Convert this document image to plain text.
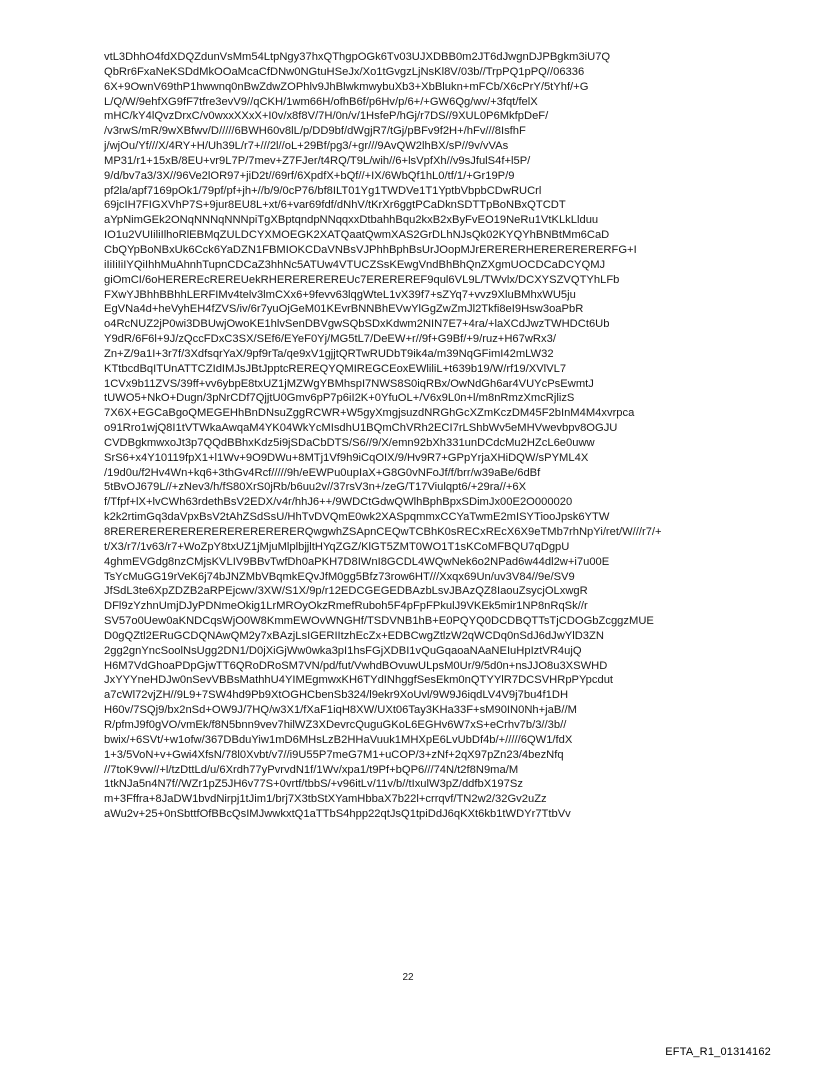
vtL3DhhO4fdXDQZdunVsMm54LtpNgy37hxQThgpOGk6Tv03UJXDBB0m2JT6dJwgnDJPBgkm3iU7Q
QbRr6FxaNeKSDdMkOOaMcaCfDNw0NGtuHSeJx/Xo1tGvgzLjNsKl8V/03b//TrpPQ1pPQ//06336
6X+9OwnV69thP1hwwnq0nBwZdwZOPhlv9JhBlwkmwybuXb3+XbBlukn+mFCb/X6cPrY/5tYhf/+G
L/Q/W/9ehfXG9fF7tfre3evV9//qCKH/1wm66H/ofhB6f/p6Hv/p/6+/+GW6Qg/wv/+3fqt/felX
mHC/kY4lQvzDrxC/v0wxxXXxX+I0v/x8f8V/7H/0n/v/1HsfeP/hGj/r7DS//9XUL0P6MkfpDeF/
/v3rwS/mR/9wXBfwv/D/////6BWH60v8lL/p/DD9bf/dWgjR7/tGj/pBFv9f2H+/hFv///8IsfhF
j/wjOu/Yf///X/4RY+H/Uh39L/r7+///2l//oL+29Bf/pg3/+gr///9AvQW2lhBX/sP//9v/vVAs
MP31/r1+15xB/8EU+vr9L7P/7mev+Z7FJer/t4RQ/T9L/wih//6+lsVpfXh//v9sJfulS4f+l5P/
9/d/bv7a3/3X//96Ve2lOR97+jiD2t//69rf/6XpdfX+bQf//+IX/6WbQf1hL0/tf/1/+Gr19P/9
pf2la/apf7169pOk1/79pf/pf+jh+//b/9/0cP76/bf8ILT01Yg1TWDVe1T1YptbVbpbCDwRUCrl
69jcIH7FIGXVhP7S+9jur8EU8L+xt/6+var69fdf/dNhV/tKrXr6ggtPCaDknSDTTpBoNBxQTCDT
aYpNimGEk2ONqNNNqNNNpiTgXBptqndpNNqqxxDtbahhBqu2kxB2xByFvEO19NeRu1VtKLkLlduu
IO1u2VUIiliIlhoRlEBMqZULDCYXMOEGK2XATQaatQwmXAS2GrDLhNJsQk02KYQYhBNBtMm6CaD
CbQYpBoNBxUk6Cck6YaDZN1FBMIOKCDaVNBsVJPhhBphBsUrJOopMJrERERERHERERERERERFG+I
iIiIiIiIYQiIhhMuAhnhTupnCDCaZ3hhNc5ATUw4VTUCZSsKEwgVndBhBhQnZXgmUOCDCaDCYQMJ
giOmCI/6oHEREREcREREUekRHEREREREREUc7EREREREF9qul6VL9L/TWvlx/DCXYSZVQTYhLFb
FXwYJBhhBBhhLERFIMv4telv3lmCXx6+9fevv63lqgWteL1vX39f7+sZYq7+vvz9XluBMhxWU5ju
EgVNa4d+heVyhEH4fZVS/iv/6r7yuOjGeM01KEvrBNNBhEVwYlGgZwZmJl2Tkfi8eI9Hsw3oaPbR
o4RcNUZ2jP0wi3DBUwjOwoKE1hlvSenDBVgwSQbSDxKdwm2NIN7E7+4ra/+laXCdJwzTWHDCt6Ub
Y9dR/6F6l+9J/zQccFDxC3SX/SEf6/EYeF0Yj/MG5tL7/DeEW+r//9f+G9Bf/+9/ruz+H67wRx3/
Zn+Z/9a1I+3r7f/3XdfsqrYaX/9pf9rTa/qe9xV1gjjtQRTwRUDbT9ik4a/m39NqGFimI42mLW32
KTtbcdBqITUnATTCZIdIMJsJBtJpptcREREQYQMIREGCEoxEWliliL+t639b19/W/rf19/XVlVL7
1CVx9b11ZVS/39ff+vv6ybpE8txUZ1jMZWgYBMhspI7NWS8S0iqRBx/OwNdGh6ar4VUYcPsEwmtJ
tUWO5+NkO+Dugn/3pNrCDf7QjjtU0Gmv6pP7p6iI2K+0YfuOL+/V6x9L0n+l/m8nRmzXmcRjlizS
7X6X+EGCaBgoQMEGEHhBnDNsuZggRCWR+W5gyXmgjsuzdNRGhGcXZmKczDM45F2bInM4M4xvrpca
o91Rro1wjQ8I1tVTWkaAwqaM4YK04WkYcMIsdhU1BQmChVRh2ECI7rLShbWv5eMHVwevbpv8OGJU
CVDBgkmwxoJt3p7QQdBBhxKdz5i9jSDaCbDTS/S6//9/X/emn92bXh331unDCdcMu2HZcL6e0uww
SrS6+x4Y10119fpX1+l1Wv+9O9DWu+8MTj1Vf9h9iCqOIX/9/Hv9R7+GPpYrjaXHiDQW/sPYML4X
/19d0u/f2Hv4Wn+kq6+3thGv4Rcf/////9h/eEWPu0upIaX+G8G0vNFoJf/f/brr/w39aBe/6dBf
5tBvOJ679L//+zNev3/h/fS80XrS0jRb/b6uu2v//37rsV3n+/zeG/T17Viulqpt6/+29ra//+6X
f/Tfpf+lX+lvCWh63rdethBsV2EDX/v4r/hhJ6++/9WDCtGdwQWlhBphBpxSDimJx00E2O000020
k2k2rtimGq3daVpxBsV2tAhZSdSsU/HhTvDVQmE0wk2XASpqmmxCCYaTwmE2mISYTiooJpsk6YTW
8RERERERERERERERERERERERERQwgwhZSApnCEQwTCBhK0sRECxREcX6X9eTMb7rhNpYi/ret/W///r7/+
t/X3/r7/1v63/r7+WoZpY8txUZ1jMjuMlplbjjltHYqZGZ/KlGT5ZMT0WO1T1sKCoMFBQU7qDgpU
4ghmEVGdg8nzCMjsKVLIV9BBvTwfDh0aPKH7D8IWnI8GCDL4WQwNek6o2NPad6w44dl2w+i7u00E
TsYcMuGG19rVeK6j74bJNZMbVBqmkEQvJfM0gg5Bfz73row6HT///Xxqx69Un/uv3V84//9e/SV9
JfSdL3te6XpZDZB2aRPEjcwv/3XW/S1X/9p/r12EDCGEGEDBAzbLsvJBAzQZ8IaouZsycjOLxwgR
DFl9zYzhnUmjDJyPDNmeOkig1LrMROyOkzRmefRuboh5F4pFpFPkulJ9VKEk5mir1NP8nRqSk//r
SV57o0Uew0aKNDCqsWjO0W8KmmEWOvWNGHf/TSDVNB1hB+E0PQYQ0DCDBQTTsTjCDOGbZcggzMUE
D0gQZtl2ERuGCDQNAwQM2y7xBAzjLsIGERIItzhEcZx+EDBCwgZtlzW2qWCDq0nSdJ6dJwYlD3ZN
2gg2gnYncSoolNsUgg2DN1/D0jXiGjWw0wka3pI1hsFGjXDBI1vQuGqaoaNAaNEIuHpIztVR4ujQ
H6M7VdGhoaPDpGjwTT6QRoDRoSM7VN/pd/fut/VwhdBOvuwULpsM0Ur/9/5d0n+nsJJO8u3XSWHD
JxYYYneHDJw0nSevVBBsMathhU4YIMEgmwxKH6TYdINhggfSesEkm0nQTYYlR7DCSVHRpPYpcdut
a7cWl72vjZH//9L9+7SW4hd9Pb9XtOGHCbenSb324/l9ekr9XoUvl/9W9J6iqdLV4V9j7bu4f1DH
H60v/7SQj9/bx2nSd+OW9J/7HQ/w3X1/fXaF1iqH8XW/UXt06Tay3KHa33F+sM90IN0Nh+jaB//M
R/pfmJ9f0gVO/vmEk/f8N5bnn9vev7hilWZ3XDevrcQuguGKoL6EGHv6W7xS+eCrhv7b/3//3b//
bwix/+6SVt/+w1ofw/367DBduYiw1mD6MHsLzB2HHaVuuk1MHXpE6LvUbDf4b/+/////6QW1/fdX
1+3/5VoN+v+Gwi4XfsN/78l0Xvbt/v7//i9U55P7meG7M1+uCOP/3+zNf+2qX97pZn23/4bezNfq
//7toK9vw//+l/tzDttLd/u/6Xrdh77yPvrvdN1f/1Wv/xpa1/t9Pf+bQP6///74N/t2f8N9ma/M
1tkNJa5n4N7f//WZr1pZ5JH6v77S+0vrtf/tbbS/+v96itLv/11v/b//tIxulW3pZ/ddfbX197Sz
m+3Fffra+8JaDW1bvdNirpj1tJim1/brj7X3tbStXYamHbbaX7b22l+crrqvf/TN2w2/32Gv2uZz
aWu2v+25+0nSbttfOfBBcQsIMJwwkxtQ1aTTbS4hpp22qtJsQ1tpiDdJ6qKXt6kb1tWDYr7TtbVv
22
EFTA_R1_01314162
